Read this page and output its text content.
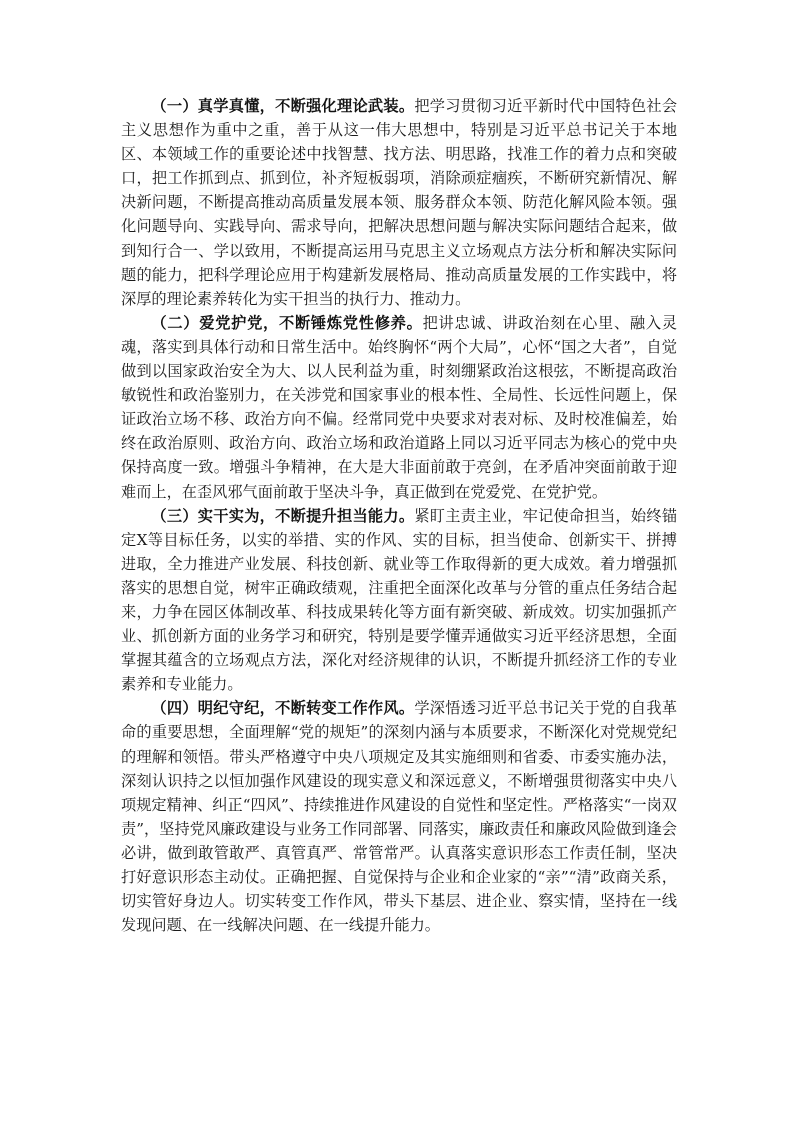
（一）真学真懂，不断强化理论武装。把学习贯彻习近平新时代中国特色社会主义思想作为重中之重，善于从这一伟大思想中，特别是习近平总书记关于本地区、本领域工作的重要论述中找智慧、找方法、明思路，找准工作的着力点和突破口，把工作抓到点、抓到位，补齐短板弱项，消除顽症痼疾，不断研究新情况、解决新问题，不断提高推动高质量发展本领、服务群众本领、防范化解风险本领。强化问题导向、实践导向、需求导向，把解决思想问题与解决实际问题结合起来，做到知行合一、学以致用，不断提高运用马克思主义立场观点方法分析和解决实际问题的能力，把科学理论应用于构建新发展格局、推动高质量发展的工作实践中，将深厚的理论素养转化为实干担当的执行力、推动力。

（二）爱党护党，不断锤炼党性修养。把讲忠诚、讲政治刻在心里、融入灵魂，落实到具体行动和日常生活中。始终胸怀“两个大局”，心怀“国之大者”，自觉做到以国家政治安全为大、以人民利益为重，时刻绷紧政治这根弦，不断提高政治敏锐性和政治鉴别力，在关涉党和国家事业的根本性、全局性、长远性问题上，保证政治立场不移、政治方向不偏。经常同党中央要求对表对标、及时校准偏差，始终在政治原则、政治方向、政治立场和政治道路上同以习近平同志为核心的党中央保持高度一致。增强斗争精神，在大是大非面前敢于亮剑，在矛盾冲突面前敢于迎难而上，在歪风邪气面前敢于坚决斗争，真正做到在党爱党、在党护党。

（三）实干实为，不断提升担当能力。紧盯主责主业，牢记使命担当，始终锚定X等目标任务，以实的举措、实的作风、实的目标，担当使命、创新实干、拼搏进取，全力推进产业发展、科技创新、就业等工作取得新的更大成效。着力增强抓落实的思想自觉，树牢正确政绩观，注重把全面深化改革与分管的重点任务结合起来，力争在园区体制改革、科技成果转化等方面有新突破、新成效。切实加强抓产业、抓创新方面的业务学习和研究，特别是要学懂弄通做实习近平经济思想，全面掌握其蕴含的立场观点方法，深化对经济规律的认识，不断提升抓经济工作的专业素养和专业能力。

（四）明纪守纪，不断转变工作作风。学深悟透习近平总书记关于党的自我革命的重要思想，全面理解“党的规矩”的深刻内涵与本质要求，不断深化对党规党纪的理解和领悟。带头严格遵守中央八项规定及其实施细则和省委、市委实施办法，深刻认识持之以恒加强作风建设的现实意义和深远意义，不断增强贯彻落实中央八项规定精神、纠正“四风”、持续推进作风建设的自觉性和坚定性。严格落实“一岗双责”，坚持党风廉政建设与业务工作同部署、同落实，廉政责任和廉政风险做到逢会必讲，做到敢管敢严、真管真严、常管常严。认真落实意识形态工作责任制，坚决打好意识形态主动仗。正确把握、自觉保持与企业和企业家的“亲”“清”政商关系，切实管好身边人。切实转变工作作风，带头下基层、进企业、察实情，坚持在一线发现问题、在一线解决问题、在一线提升能力。
